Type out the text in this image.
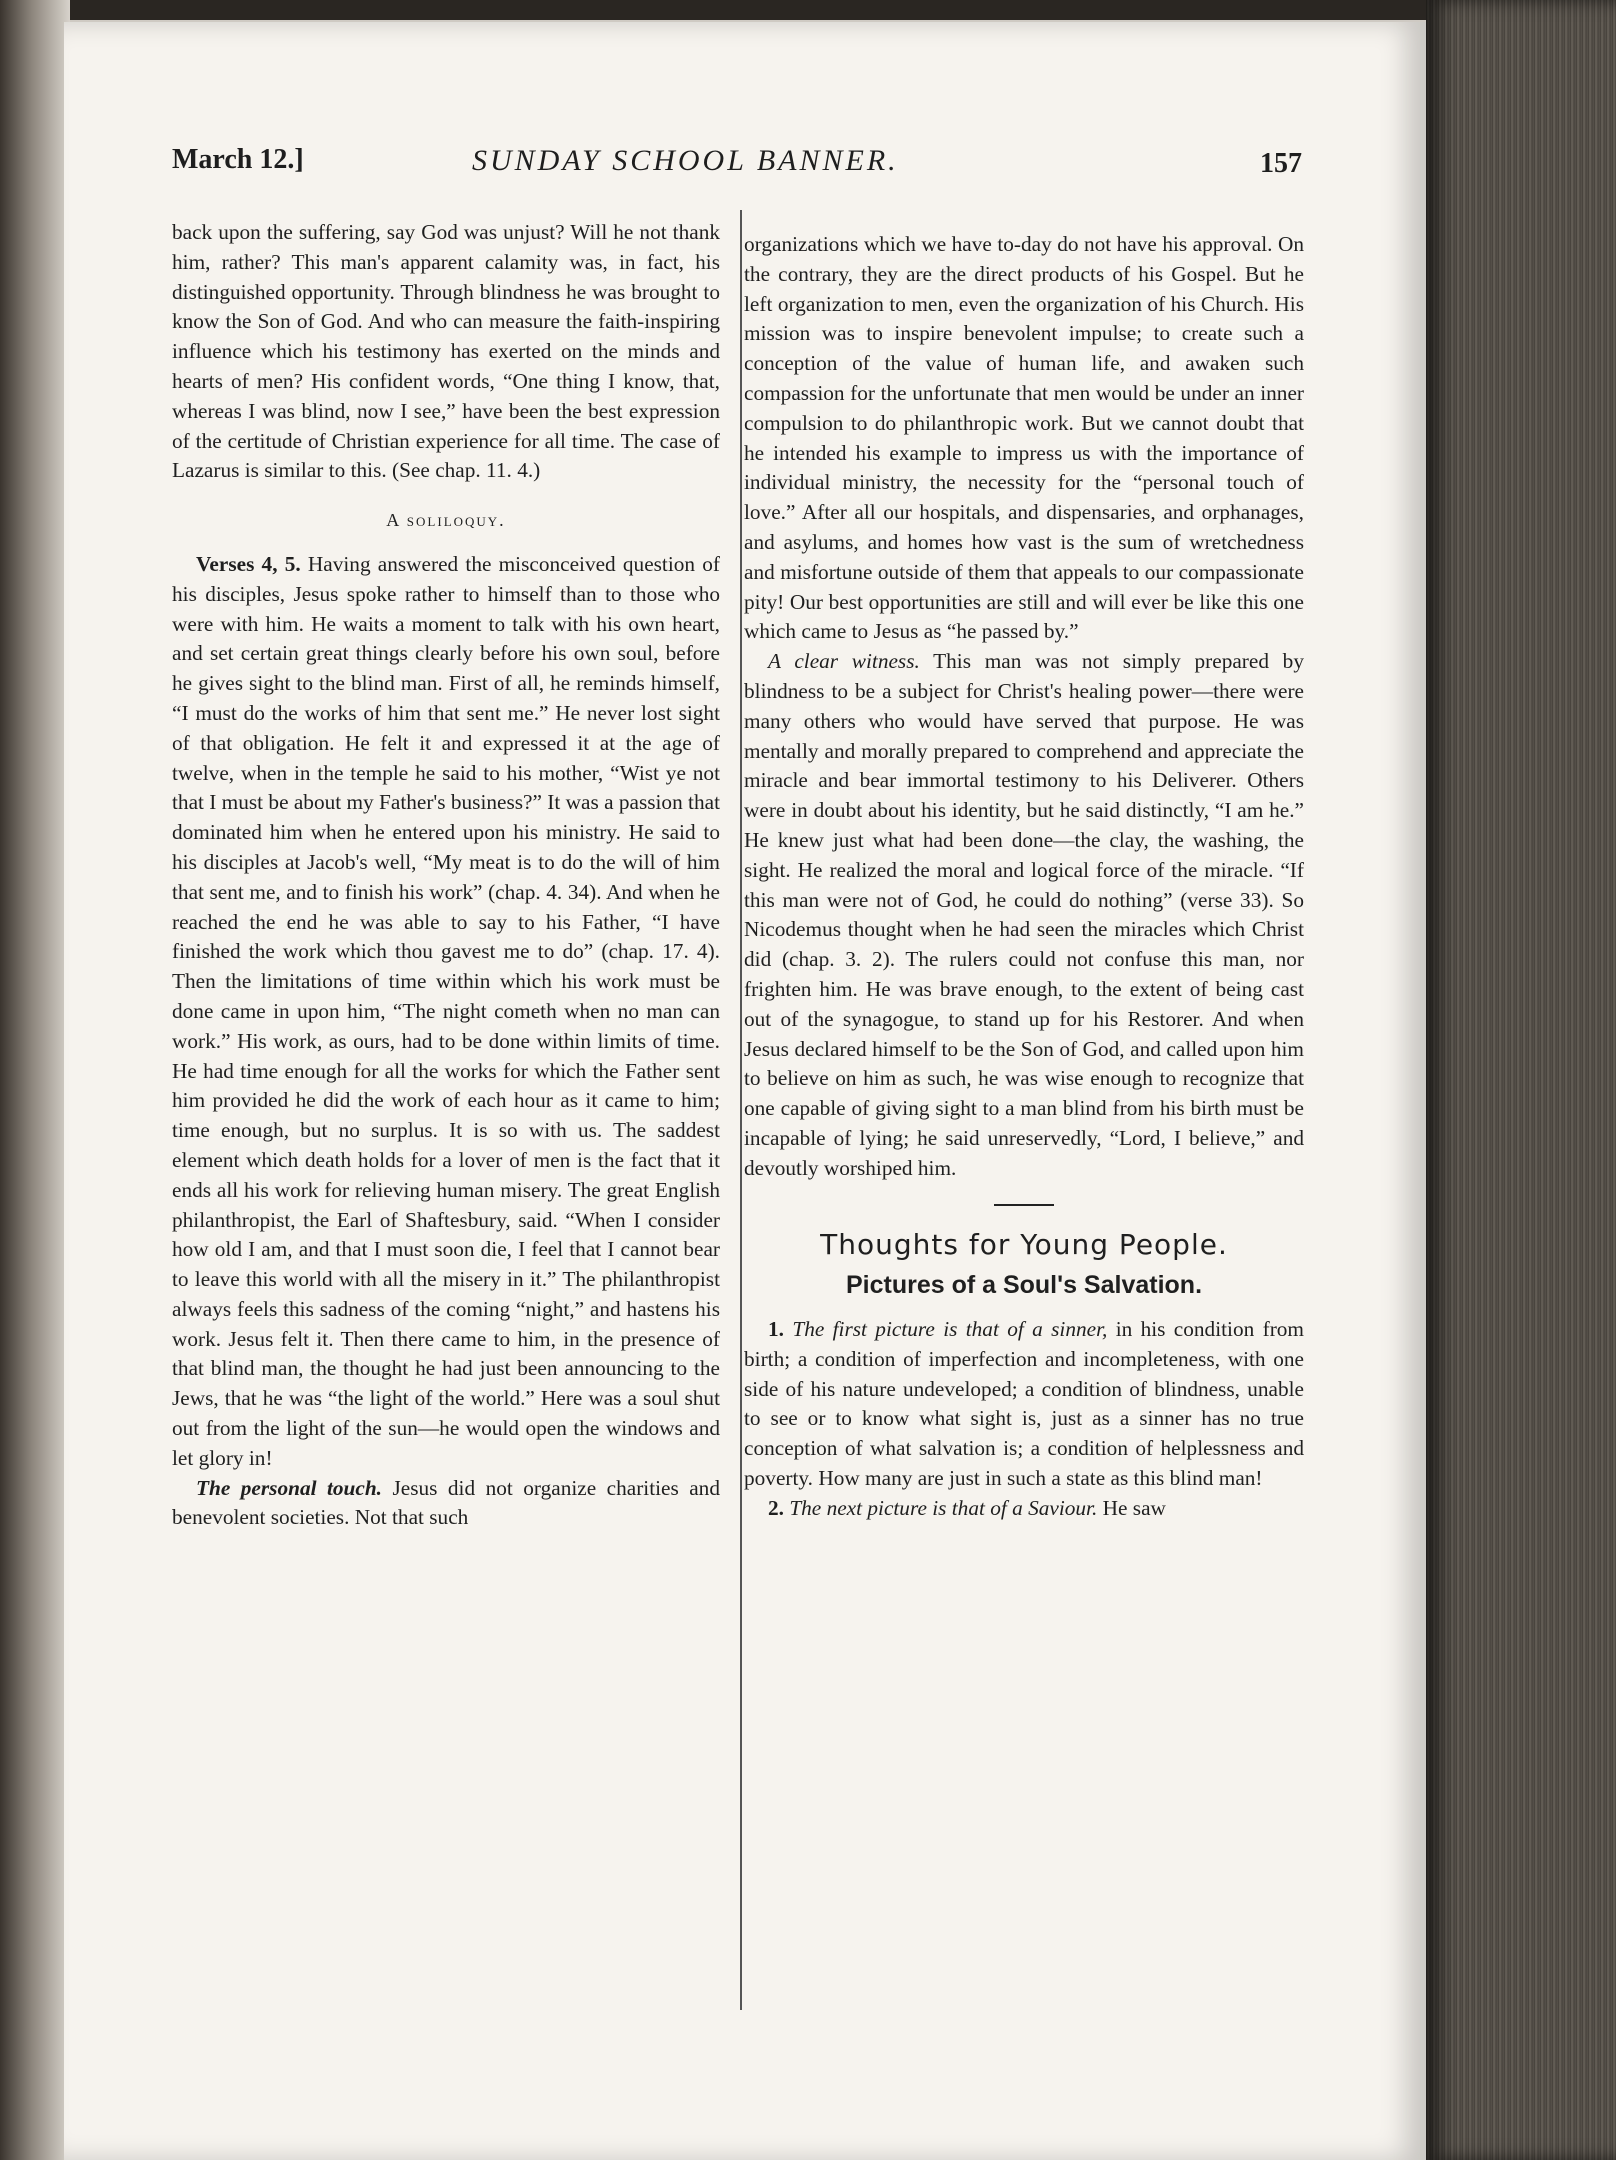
March 12.]	SUNDAY SCHOOL BANNER.	157

back upon the suffering, say God was unjust? Will he not thank him, rather? This man's apparent calamity was, in fact, his distinguished opportunity. Through blindness he was brought to know the Son of God. And who can measure the faith-inspiring influence which his testimony has exerted on the minds and hearts of men? His confident words, “One thing I know, that, whereas I was blind, now I see,” have been the best expression of the certitude of Christian experience for all time. The case of Lazarus is similar to this. (See chap. 11. 4.)

A soliloquy.

Verses 4, 5. Having answered the misconceived question of his disciples, Jesus spoke rather to himself than to those who were with him. He waits a moment to talk with his own heart, and set certain great things clearly before his own soul, before he gives sight to the blind man. First of all, he reminds himself, “I must do the works of him that sent me.” He never lost sight of that obligation. He felt it and expressed it at the age of twelve, when in the temple he said to his mother, “Wist ye not that I must be about my Father's business?” It was a passion that dominated him when he entered upon his ministry. He said to his disciples at Jacob's well, “My meat is to do the will of him that sent me, and to finish his work” (chap. 4. 34). And when he reached the end he was able to say to his Father, “I have finished the work which thou gavest me to do” (chap. 17. 4). Then the limitations of time within which his work must be done came in upon him, “The night cometh when no man can work.” His work, as ours, had to be done within limits of time. He had time enough for all the works for which the Father sent him provided he did the work of each hour as it came to him; time enough, but no surplus. It is so with us. The saddest element which death holds for a lover of men is the fact that it ends all his work for relieving human misery. The great English philanthropist, the Earl of Shaftesbury, said. “When I consider how old I am, and that I must soon die, I feel that I cannot bear to leave this world with all the misery in it.” The philanthropist always feels this sadness of the coming “night,” and hastens his work. Jesus felt it. Then there came to him, in the presence of that blind man, the thought he had just been announcing to the Jews, that he was “the light of the world.” Here was a soul shut out from the light of the sun—he would open the windows and let glory in!

The personal touch. Jesus did not organize charities and benevolent societies. Not that such

organizations which we have to-day do not have his approval. On the contrary, they are the direct products of his Gospel. But he left organization to men, even the organization of his Church. His mission was to inspire benevolent impulse; to create such a conception of the value of human life, and awaken such compassion for the unfortunate that men would be under an inner compulsion to do philanthropic work. But we cannot doubt that he intended his example to impress us with the importance of individual ministry, the necessity for the “personal touch of love.” After all our hospitals, and dispensaries, and orphanages, and asylums, and homes how vast is the sum of wretchedness and misfortune outside of them that appeals to our compassionate pity! Our best opportunities are still and will ever be like this one which came to Jesus as “he passed by.”

A clear witness. This man was not simply prepared by blindness to be a subject for Christ's healing power—there were many others who would have served that purpose. He was mentally and morally prepared to comprehend and appreciate the miracle and bear immortal testimony to his Deliverer. Others were in doubt about his identity, but he said distinctly, “I am he.” He knew just what had been done—the clay, the washing, the sight. He realized the moral and logical force of the miracle. “If this man were not of God, he could do nothing” (verse 33). So Nicodemus thought when he had seen the miracles which Christ did (chap. 3. 2). The rulers could not confuse this man, nor frighten him. He was brave enough, to the extent of being cast out of the synagogue, to stand up for his Restorer. And when Jesus declared himself to be the Son of God, and called upon him to believe on him as such, he was wise enough to recognize that one capable of giving sight to a man blind from his birth must be incapable of lying; he said unreservedly, “Lord, I believe,” and devoutly worshiped him.

Thoughts for Young People.
Pictures of a Soul's Salvation.

1. The first picture is that of a sinner, in his condition from birth; a condition of imperfection and incompleteness, with one side of his nature undeveloped; a condition of blindness, unable to see or to know what sight is, just as a sinner has no true conception of what salvation is; a condition of helplessness and poverty. How many are just in such a state as this blind man!

2. The next picture is that of a Saviour. He saw
